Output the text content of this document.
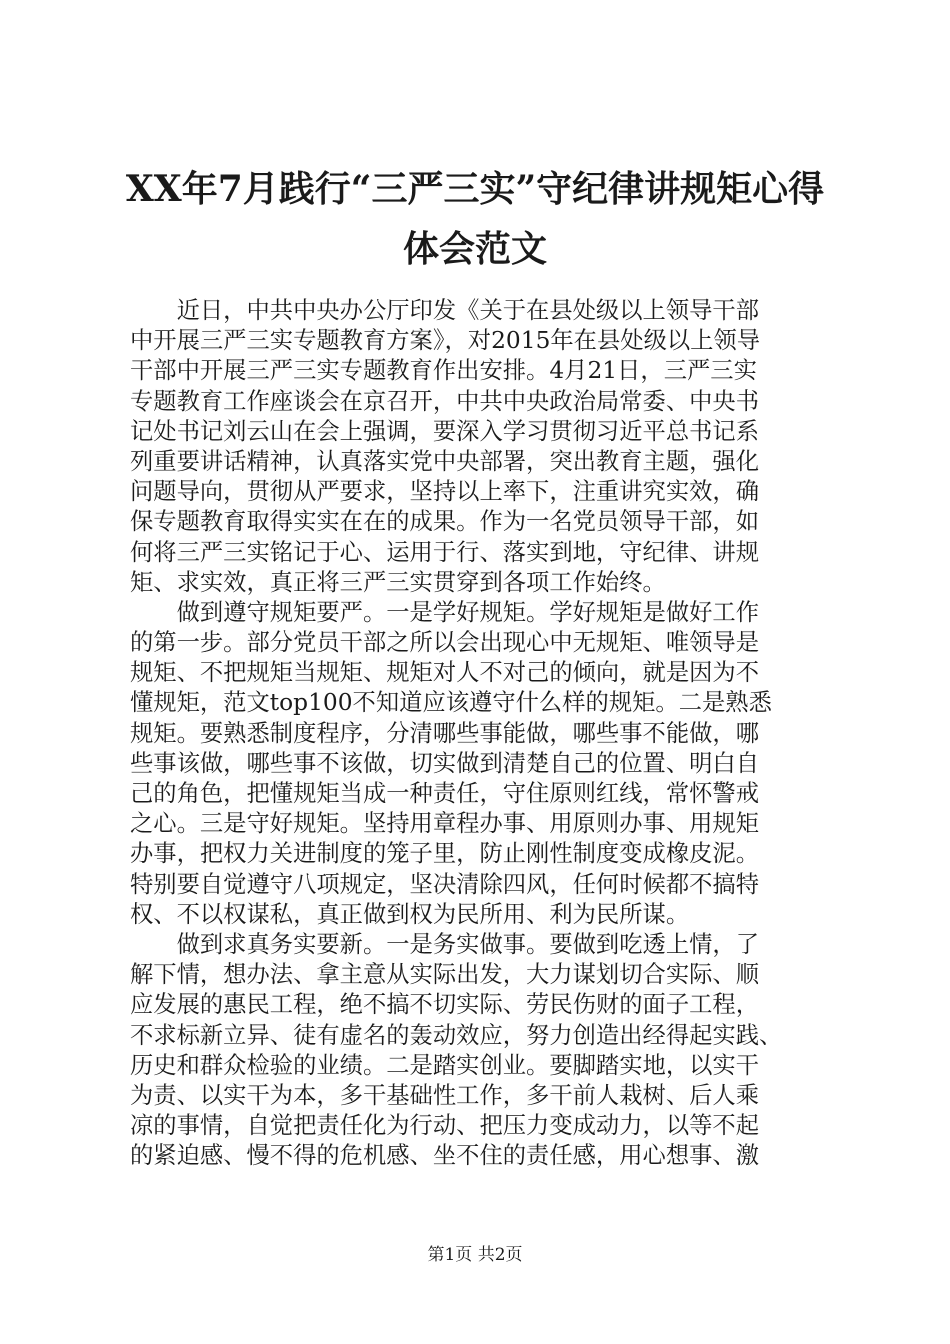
XX年7月践行“三严三实”守纪律讲规矩心得
体会范文
　　近日，中共中央办公厅印发《关于在县处级以上领导干部
中开展三严三实专题教育方案》，对2015年在县处级以上领导
干部中开展三严三实专题教育作出安排。4月21日，三严三实
专题教育工作座谈会在京召开，中共中央政治局常委、中央书
记处书记刘云山在会上强调，要深入学习贯彻习近平总书记系
列重要讲话精神，认真落实党中央部署，突出教育主题，强化
问题导向，贯彻从严要求，坚持以上率下，注重讲究实效，确
保专题教育取得实实在在的成果。作为一名党员领导干部，如
何将三严三实铭记于心、运用于行、落实到地，守纪律、讲规
矩、求实效，真正将三严三实贯穿到各项工作始终。
　　做到遵守规矩要严。一是学好规矩。学好规矩是做好工作
的第一步。部分党员干部之所以会出现心中无规矩、唯领导是
规矩、不把规矩当规矩、规矩对人不对己的倾向，就是因为不
懂规矩，范文top100不知道应该遵守什么样的规矩。二是熟悉
规矩。要熟悉制度程序，分清哪些事能做，哪些事不能做，哪
些事该做，哪些事不该做，切实做到清楚自己的位置、明白自
己的角色，把懂规矩当成一种责任，守住原则红线，常怀警戒
之心。三是守好规矩。坚持用章程办事、用原则办事、用规矩
办事，把权力关进制度的笼子里，防止刚性制度变成橡皮泥。
特别要自觉遵守八项规定，坚决清除四风，任何时候都不搞特
权、不以权谋私，真正做到权为民所用、利为民所谋。
　　做到求真务实要新。一是务实做事。要做到吃透上情，了
解下情，想办法、拿主意从实际出发，大力谋划切合实际、顺
应发展的惠民工程，绝不搞不切实际、劳民伤财的面子工程，
不求标新立异、徒有虚名的轰动效应，努力创造出经得起实践、
历史和群众检验的业绩。二是踏实创业。要脚踏实地，以实干
为责、以实干为本，多干基础性工作，多干前人栽树、后人乘
凉的事情，自觉把责任化为行动、把压力变成动力，以等不起
的紧迫感、慢不得的危机感、坐不住的责任感，用心想事、激
第1页 共2页
